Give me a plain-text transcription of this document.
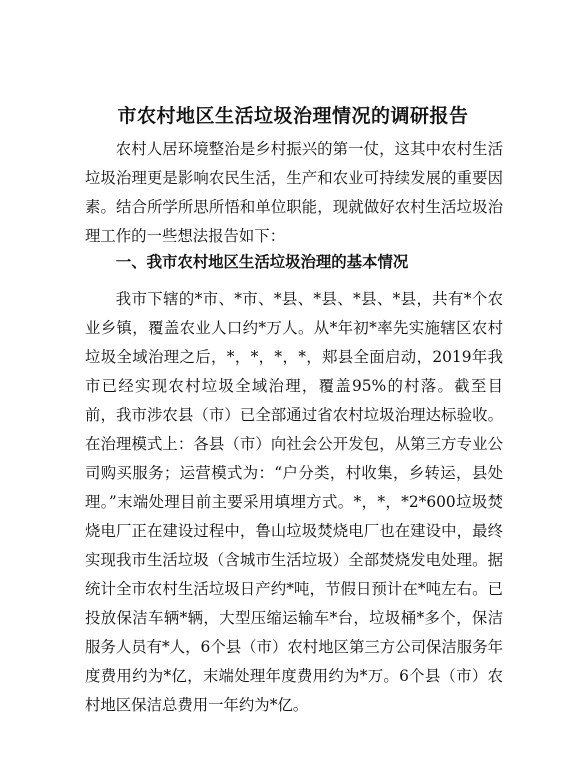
市农村地区生活垃圾治理情况的调研报告

农村人居环境整治是乡村振兴的第一仗，这其中农村生活垃圾治理更是影响农民生活，生产和农业可持续发展的重要因素。结合所学所思所悟和单位职能，现就做好农村生活垃圾治理工作的一些想法报告如下：

一、我市农村地区生活垃圾治理的基本情况

我市下辖的*市、*市、*县、*县、*县、*县，共有*个农业乡镇，覆盖农业人口约*万人。从*年初*率先实施辖区农村垃圾全域治理之后，*，*，*，*，郏县全面启动，2019年我市已经实现农村垃圾全域治理，覆盖95%的村落。截至目前，我市涉农县（市）已全部通过省农村垃圾治理达标验收。在治理模式上：各县（市）向社会公开发包，从第三方专业公司购买服务；运营模式为：“户分类，村收集，乡转运，县处理。”末端处理目前主要采用填埋方式。*，*，*2*600垃圾焚烧电厂正在建设过程中，鲁山垃圾焚烧电厂也在建设中，最终实现我市生活垃圾（含城市生活垃圾）全部焚烧发电处理。据统计全市农村生活垃圾日产约*吨，节假日预计在*吨左右。已投放保洁车辆*辆，大型压缩运输车*台，垃圾桶*多个，保洁服务人员有*人，6个县（市）农村地区第三方公司保洁服务年度费用约为*亿，末端处理年度费用约为*万。6个县（市）农村地区保洁总费用一年约为*亿。
